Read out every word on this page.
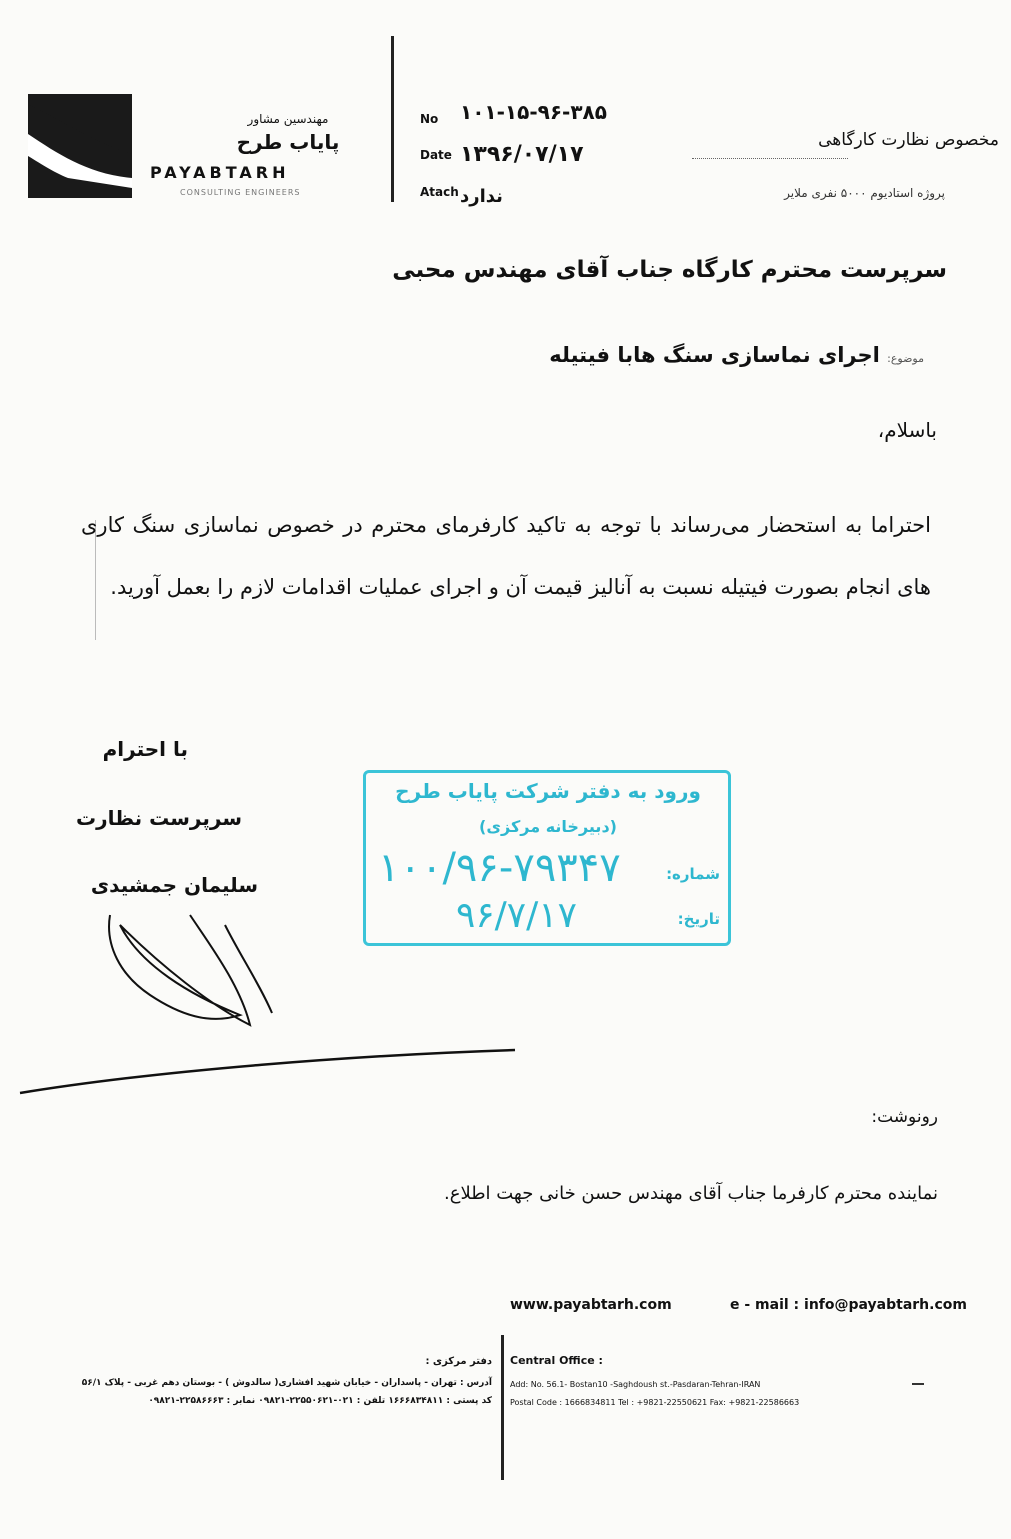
مهندسین مشاور
پایاب طرح
PAYABTARH
CONSULTING ENGINEERS
No ۱۰۱-۱۵-۹۶-۳۸۵
Date ۱۳۹۶/۰۷/۱۷
Atach ندارد
مخصوص نظارت کارگاهی
پروژه استادیوم ۵۰۰۰ نفری ملایر
سرپرست محترم کارگاه جناب آقای مهندس محبی
موضوع: اجرای نماسازی سنگ هابا فیتیله
باسلام،
احتراما به استحضار می‌رساند با توجه به تاکید کارفرمای محترم در خصوص نماسازی سنگ کاری های انجام بصورت فیتیله نسبت به آنالیز قیمت آن و اجرای عملیات اقدامات لازم را بعمل آورید.
با احترام
سرپرست نظارت
سلیمان جمشیدی
ورود به دفتر شرکت پایاب طرح
(دبیرخانه مرکزی)
شماره:
۱۰۰/۹۶-۷۹۳۴۷
تاریخ:
۹۶/۷/۱۷
رونوشت:
نماینده محترم کارفرما جناب آقای مهندس حسن خانی جهت اطلاع.
www.payabtarh.com	e - mail : info@payabtarh.com
دفتر مرکزی :
آدرس : تهران - پاسداران - خیابان شهید افشاری( سالدوش ) - بوستان دهم غربی - پلاک ۵۶/۱
کد پستی : ۱۶۶۶۸۳۴۸۱۱ تلفن : ۰۲۱-۲۲۵۵۰۶۲۱-۰۹۸۲۱ نمابر : ۲۲۵۸۶۶۶۳-۰۹۸۲۱
Central Office :
Add: No. 56.1- Bostan10 -Saghdoush st.-Pasdaran-Tehran-IRAN
Postal Code : 1666834811 Tel : +9821-22550621 Fax: +9821-22586663
